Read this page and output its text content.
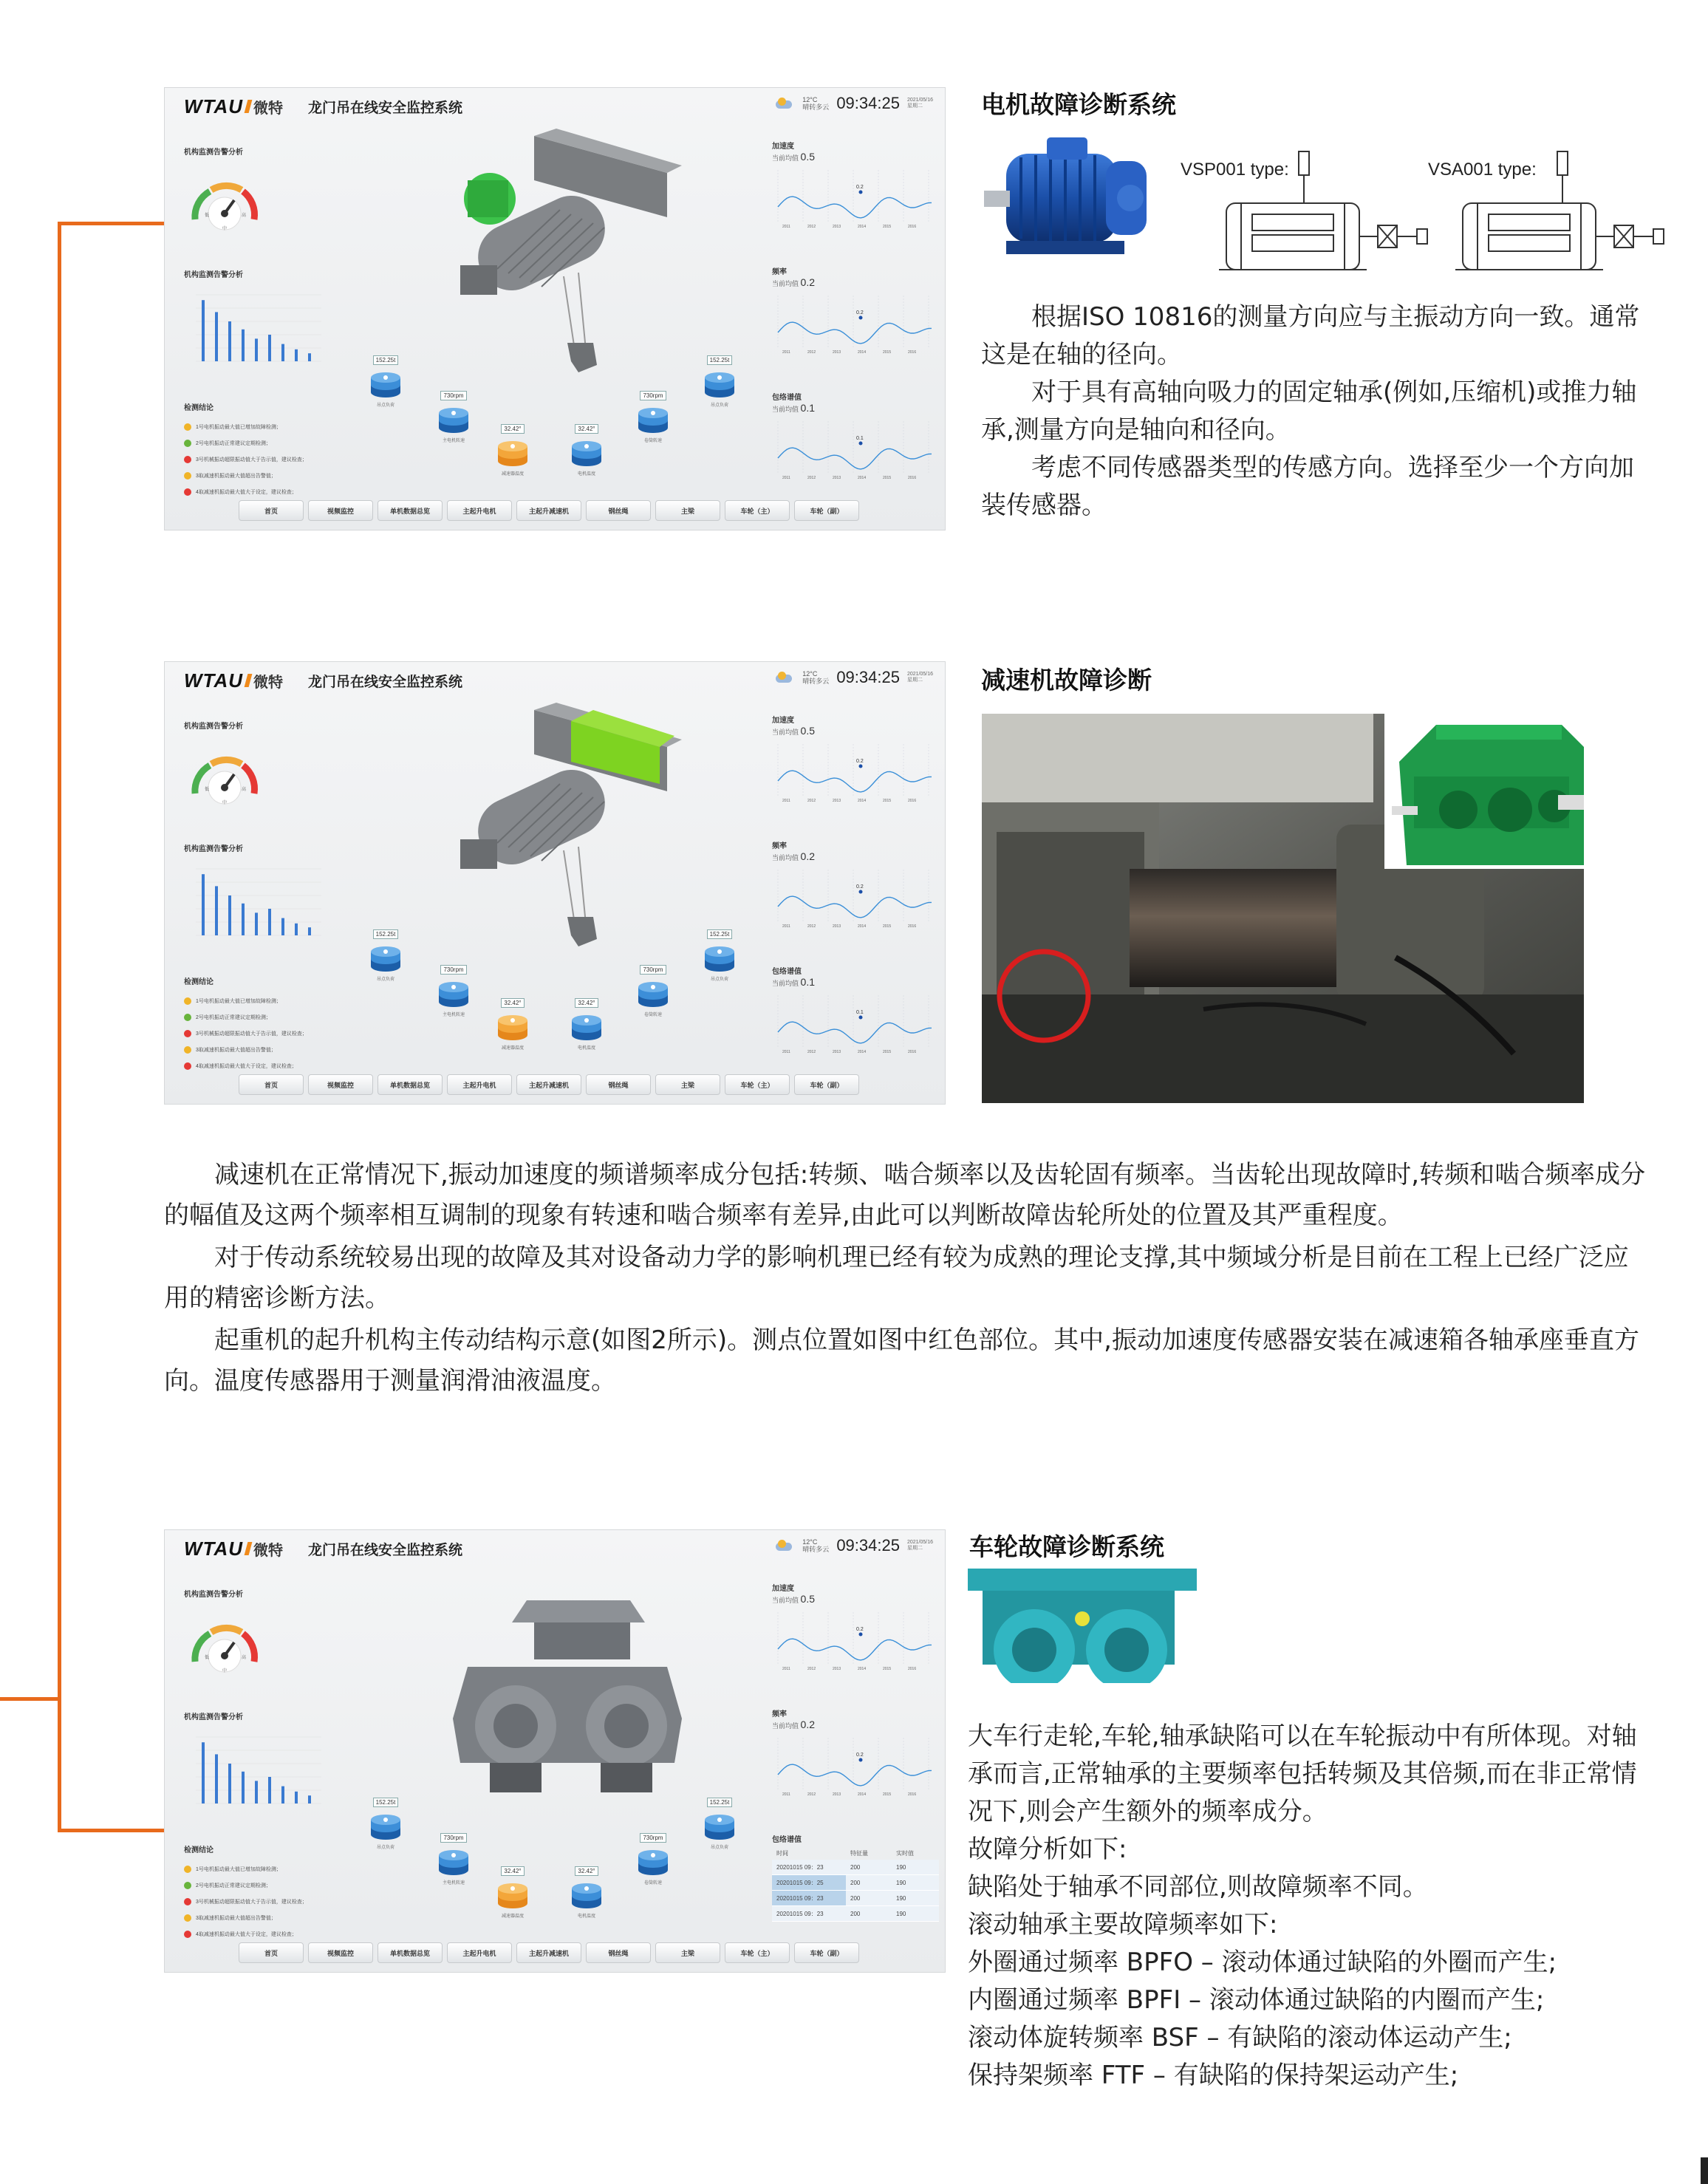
WTAU 微特 龙门吊在线安全监控系统
12°C
晴转多云 09:34:25 2021/05/16
星期二
机构监测告警分析
低
中
高
机构监测告警分析
检测结论
1号电机振动最大值已增加故障检测；
2号电机振动正常建议定期检测；
3号机械振动超限振动值大于告示值，建议检查；
3取减速机振动最大值超出告警值；
4取减速机振动最大值大于设定，建议检查；
152.25t
吊点负荷
730rpm
主电机转速
32.42°
减速器温度
32.42°
电机温度
730rpm
卷筒转速
152.25t
吊点负荷
加速度
当前均值 0.5
0.2
2011	2012	2013	2014	2015	2016
频率
当前均值 0.2
0.2
2011	2012	2013	2014	2015	2016
包络谱值
当前均值 0.1
0.1
2011	2012	2013	2014	2015	2016
首页	视频监控	单机数据总览	主起升电机	主起升减速机	钢丝绳	主梁	车轮（主）	车轮（副）
WTAU 微特 龙门吊在线安全监控系统
12°C
晴转多云 09:34:25 2021/05/16
星期二
机构监测告警分析
低
中
高
机构监测告警分析
检测结论
1号电机振动最大值已增加故障检测；
2号电机振动正常建议定期检测；
3号机械振动超限振动值大于告示值，建议检查；
3取减速机振动最大值超出告警值；
4取减速机振动最大值大于设定，建议检查；
152.25t
吊点负荷
730rpm
主电机转速
32.42°
减速器温度
32.42°
电机温度
730rpm
卷筒转速
152.25t
吊点负荷
加速度
当前均值 0.5
0.2
2011	2012	2013	2014	2015	2016
频率
当前均值 0.2
0.2
2011	2012	2013	2014	2015	2016
包络谱值
当前均值 0.1
0.1
2011	2012	2013	2014	2015	2016
首页	视频监控	单机数据总览	主起升电机	主起升减速机	钢丝绳	主梁	车轮（主）	车轮（副）
WTAU 微特 龙门吊在线安全监控系统
12°C
晴转多云 09:34:25 2021/05/16
星期二
机构监测告警分析
低
中
高
机构监测告警分析
检测结论
1号电机振动最大值已增加故障检测；
2号电机振动正常建议定期检测；
3号机械振动超限振动值大于告示值，建议检查；
3取减速机振动最大值超出告警值；
4取减速机振动最大值大于设定，建议检查；
152.25t
吊点负荷
730rpm
主电机转速
32.42°
减速器温度
32.42°
电机温度
730rpm
卷筒转速
152.25t
吊点负荷
加速度
当前均值 0.5
0.2
2011	2012	2013	2014	2015	2016
频率
当前均值 0.2
0.2
2011	2012	2013	2014	2015	2016
包络谱值
时间	特征量	实时值
20201015 09：23	200	190
20201015 09：25	200	190
20201015 09：23	200	190
20201015 09：23	200	190
首页	视频监控	单机数据总览	主起升电机	主起升减速机	钢丝绳	主梁	车轮（主）	车轮（副）
电机故障诊断系统
VSP001 type:	VSA001 type:

根据ISO 10816的测量方向应与主振动方向一致。通常这是在轴的径向。

对于具有高轴向吸力的固定轴承(例如,压缩机)或推力轴承,测量方向是轴向和径向。

考虑不同传感器类型的传感方向。选择至少一个方向加装传感器。

减速机故障诊断

减速机在正常情况下,振动加速度的频谱频率成分包括:转频、啮合频率以及齿轮固有频率。当齿轮出现故障时,转频和啮合频率成分的幅值及这两个频率相互调制的现象有转速和啮合频率有差异,由此可以判断故障齿轮所处的位置及其严重程度。

对于传动系统较易出现的故障及其对设备动力学的影响机理已经有较为成熟的理论支撑,其中频域分析是目前在工程上已经广泛应用的精密诊断方法。

起重机的起升机构主传动结构示意(如图2所示)。测点位置如图中红色部位。其中,振动加速度传感器安装在减速箱各轴承座垂直方向。温度传感器用于测量润滑油液温度。

车轮故障诊断系统

大车行走轮,车轮,轴承缺陷可以在车轮振动中有所体现。对轴承而言,正常轴承的主要频率包括转频及其倍频,而在非正常情况下,则会产生额外的频率成分。

故障分析如下:

缺陷处于轴承不同部位,则故障频率不同。

滚动轴承主要故障频率如下:

外圈通过频率 BPFO – 滚动体通过缺陷的外圈而产生;

内圈通过频率 BPFI – 滚动体通过缺陷的内圈而产生;

滚动体旋转频率 BSF – 有缺陷的滚动体运动产生;

保持架频率 FTF – 有缺陷的保持架运动产生;
